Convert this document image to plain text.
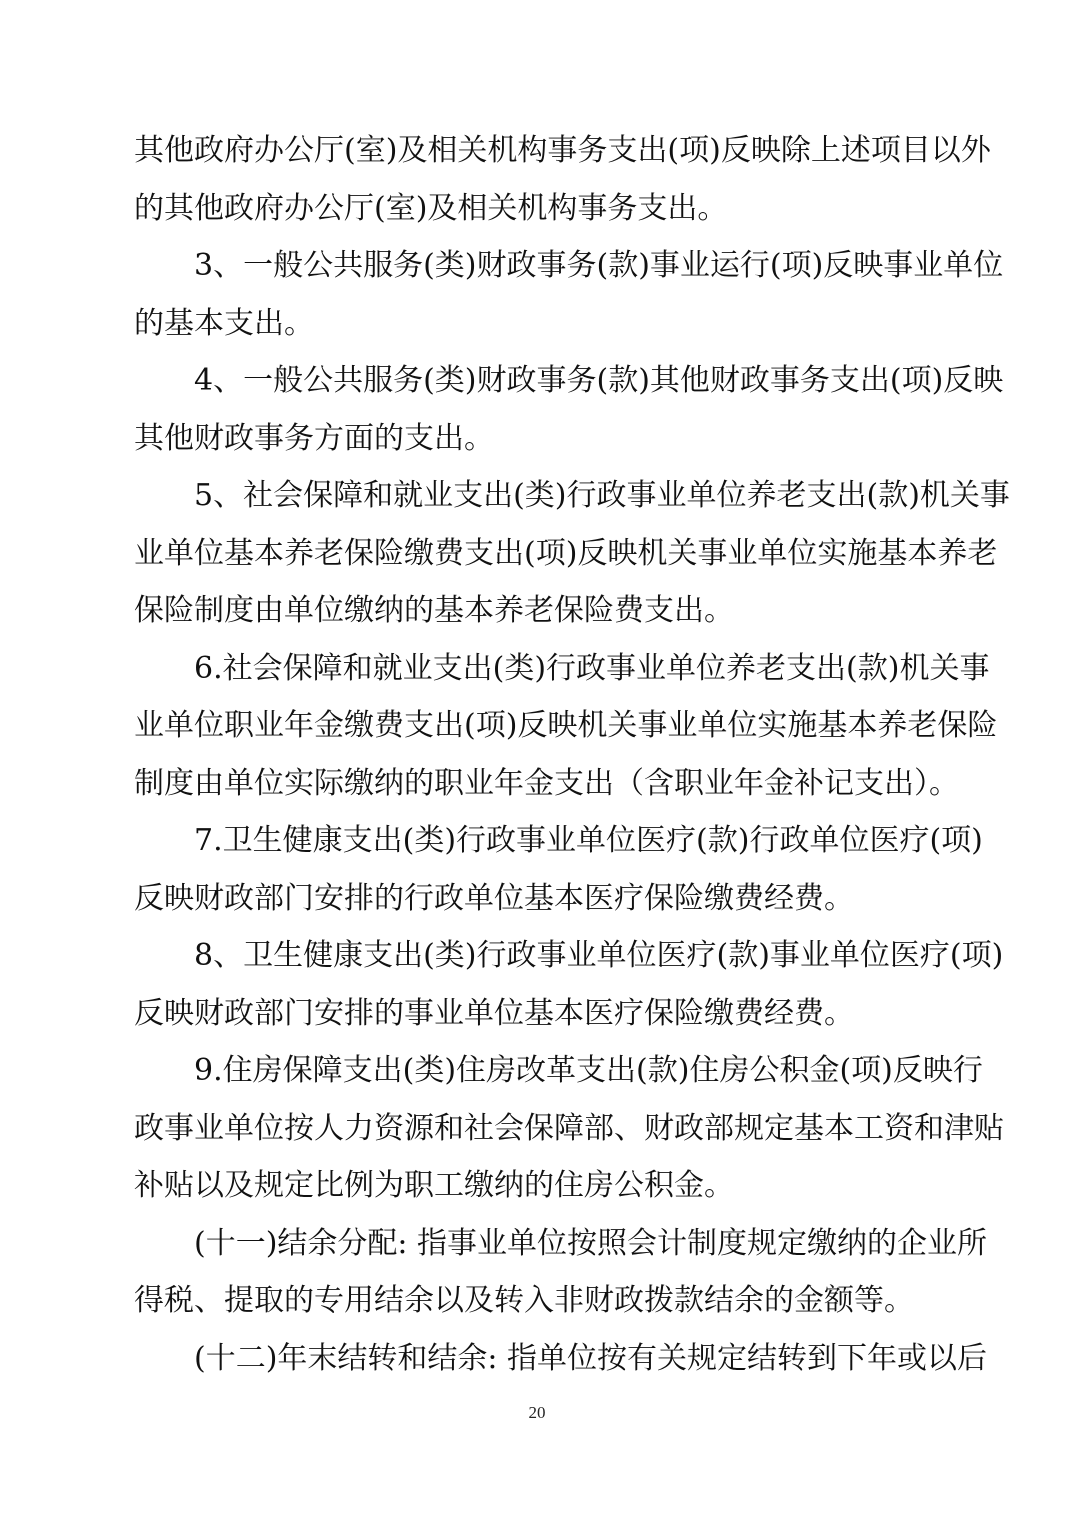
其他政府办公厅(室)及相关机构事务支出(项)反映除上述项目以外
的其他政府办公厅(室)及相关机构事务支出。
3、一般公共服务(类)财政事务(款)事业运行(项)反映事业单位
的基本支出。
4、一般公共服务(类)财政事务(款)其他财政事务支出(项)反映
其他财政事务方面的支出。
5、社会保障和就业支出(类)行政事业单位养老支出(款)机关事
业单位基本养老保险缴费支出(项)反映机关事业单位实施基本养老
保险制度由单位缴纳的基本养老保险费支出。
6.社会保障和就业支出(类)行政事业单位养老支出(款)机关事
业单位职业年金缴费支出(项)反映机关事业单位实施基本养老保险
制度由单位实际缴纳的职业年金支出（含职业年金补记支出）。
7.卫生健康支出(类)行政事业单位医疗(款)行政单位医疗(项)
反映财政部门安排的行政单位基本医疗保险缴费经费。
8、卫生健康支出(类)行政事业单位医疗(款)事业单位医疗(项)
反映财政部门安排的事业单位基本医疗保险缴费经费。
9.住房保障支出(类)住房改革支出(款)住房公积金(项)反映行
政事业单位按人力资源和社会保障部、财政部规定基本工资和津贴
补贴以及规定比例为职工缴纳的住房公积金。
(十一)结余分配: 指事业单位按照会计制度规定缴纳的企业所
得税、提取的专用结余以及转入非财政拨款结余的金额等。
(十二)年末结转和结余: 指单位按有关规定结转到下年或以后
20
